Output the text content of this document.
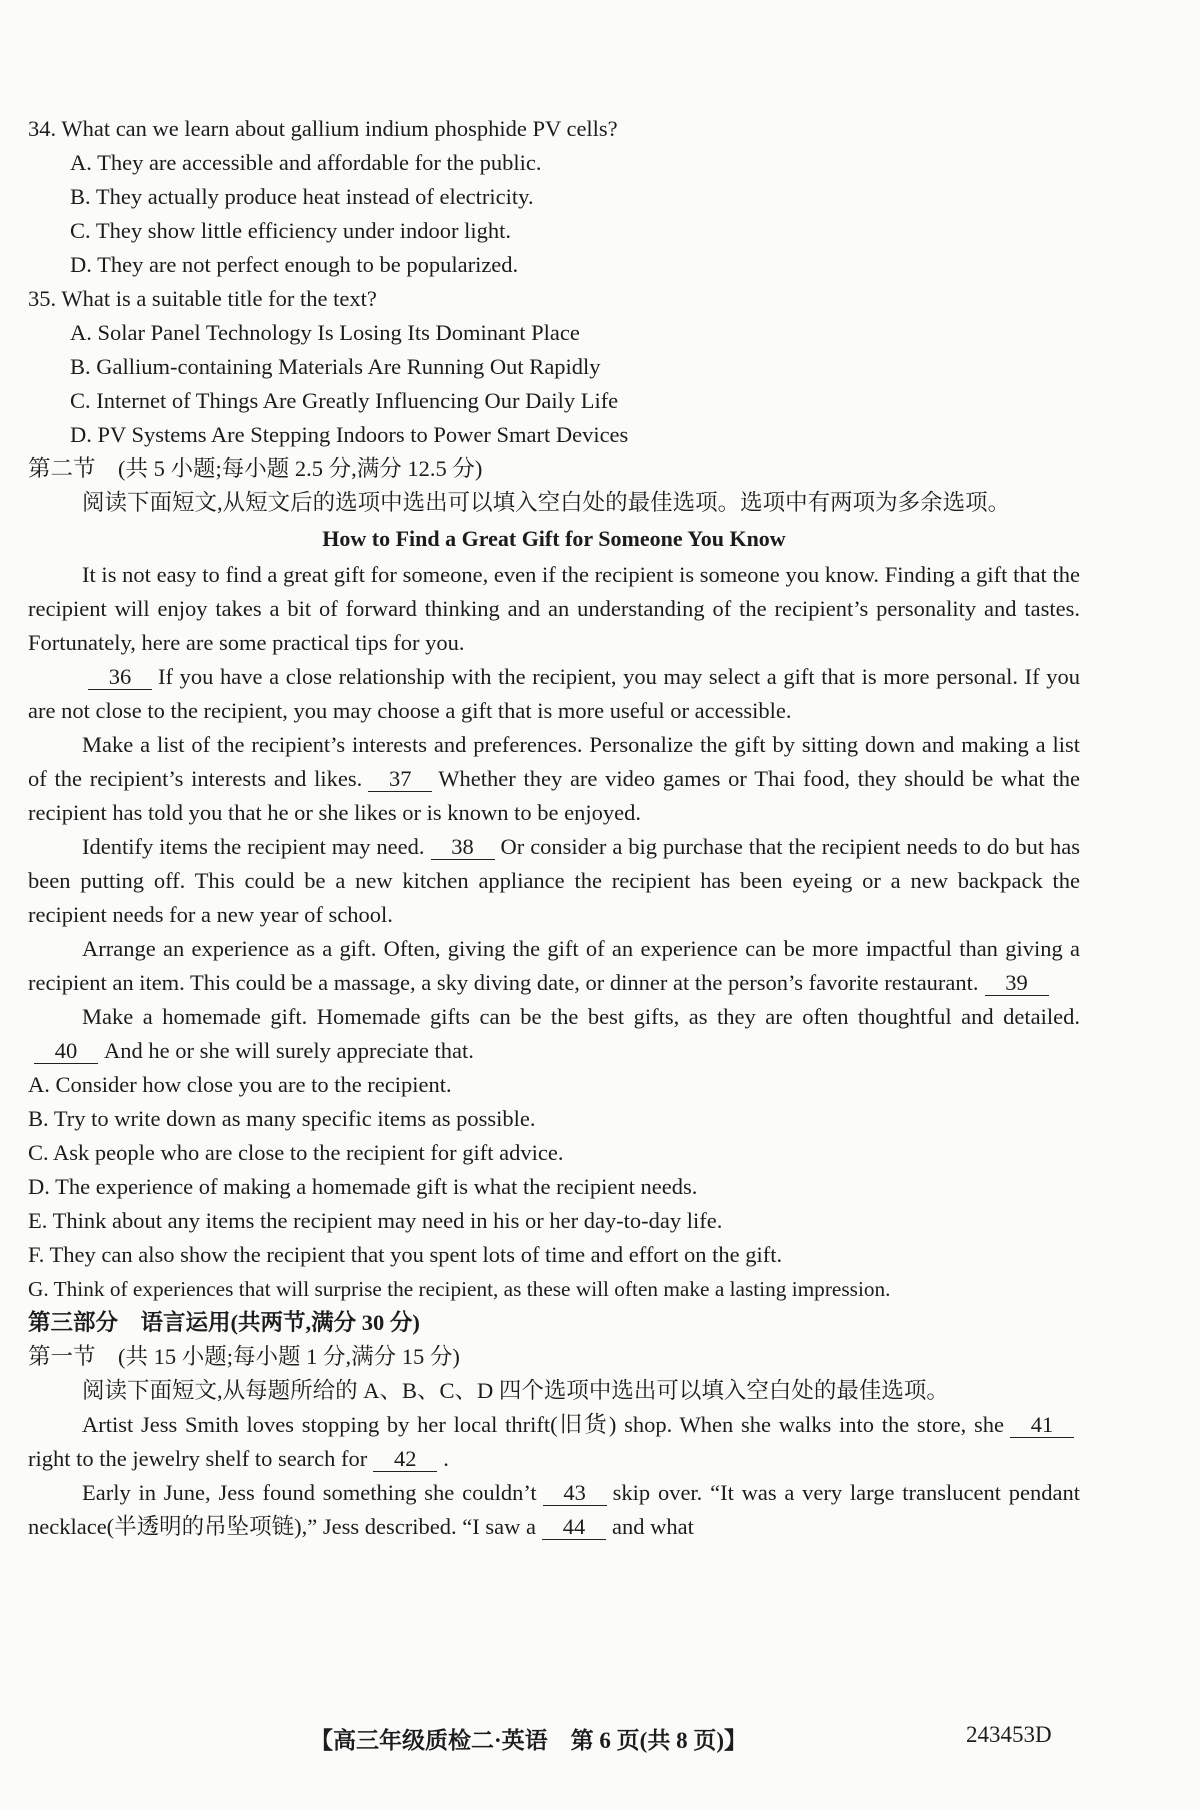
34. What can we learn about gallium indium phosphide PV cells?
A. They are accessible and affordable for the public.
B. They actually produce heat instead of electricity.
C. They show little efficiency under indoor light.
D. They are not perfect enough to be popularized.
35. What is a suitable title for the text?
A. Solar Panel Technology Is Losing Its Dominant Place
B. Gallium-containing Materials Are Running Out Rapidly
C. Internet of Things Are Greatly Influencing Our Daily Life
D. PV Systems Are Stepping Indoors to Power Smart Devices
第二节　(共 5 小题;每小题 2.5 分,满分 12.5 分)
阅读下面短文,从短文后的选项中选出可以填入空白处的最佳选项。选项中有两项为多余选项。
How to Find a Great Gift for Someone You Know
It is not easy to find a great gift for someone, even if the recipient is someone you know. Finding a gift that the recipient will enjoy takes a bit of forward thinking and an understanding of the recipient’s personality and tastes. Fortunately, here are some practical tips for you.
36 If you have a close relationship with the recipient, you may select a gift that is more personal. If you are not close to the recipient, you may choose a gift that is more useful or accessible.
Make a list of the recipient’s interests and preferences. Personalize the gift by sitting down and making a list of the recipient’s interests and likes. 37 Whether they are video games or Thai food, they should be what the recipient has told you that he or she likes or is known to be enjoyed.
Identify items the recipient may need. 38 Or consider a big purchase that the recipient needs to do but has been putting off. This could be a new kitchen appliance the recipient has been eyeing or a new backpack the recipient needs for a new year of school.
Arrange an experience as a gift. Often, giving the gift of an experience can be more impactful than giving a recipient an item. This could be a massage, a sky diving date, or dinner at the person’s favorite restaurant. 39
Make a homemade gift. Homemade gifts can be the best gifts, as they are often thoughtful and detailed.40 And he or she will surely appreciate that.
A. Consider how close you are to the recipient.
B. Try to write down as many specific items as possible.
C. Ask people who are close to the recipient for gift advice.
D. The experience of making a homemade gift is what the recipient needs.
E. Think about any items the recipient may need in his or her day-to-day life.
F. They can also show the recipient that you spent lots of time and effort on the gift.
G. Think of experiences that will surprise the recipient, as these will often make a lasting impression.
第三部分　语言运用(共两节,满分 30 分)
第一节　(共 15 小题;每小题 1 分,满分 15 分)
阅读下面短文,从每题所给的 A、B、C、D 四个选项中选出可以填入空白处的最佳选项。
Artist Jess Smith loves stopping by her local thrift(旧货) shop. When she walks into the store, she 41right to the jewelry shelf to search for 42 .
Early in June, Jess found something she couldn’t 43 skip over. “It was a very large translucent pendant necklace(半透明的吊坠项链),” Jess described. “I saw a 44 and what
【高三年级质检二·英语　第 6 页(共 8 页)】	243453D
